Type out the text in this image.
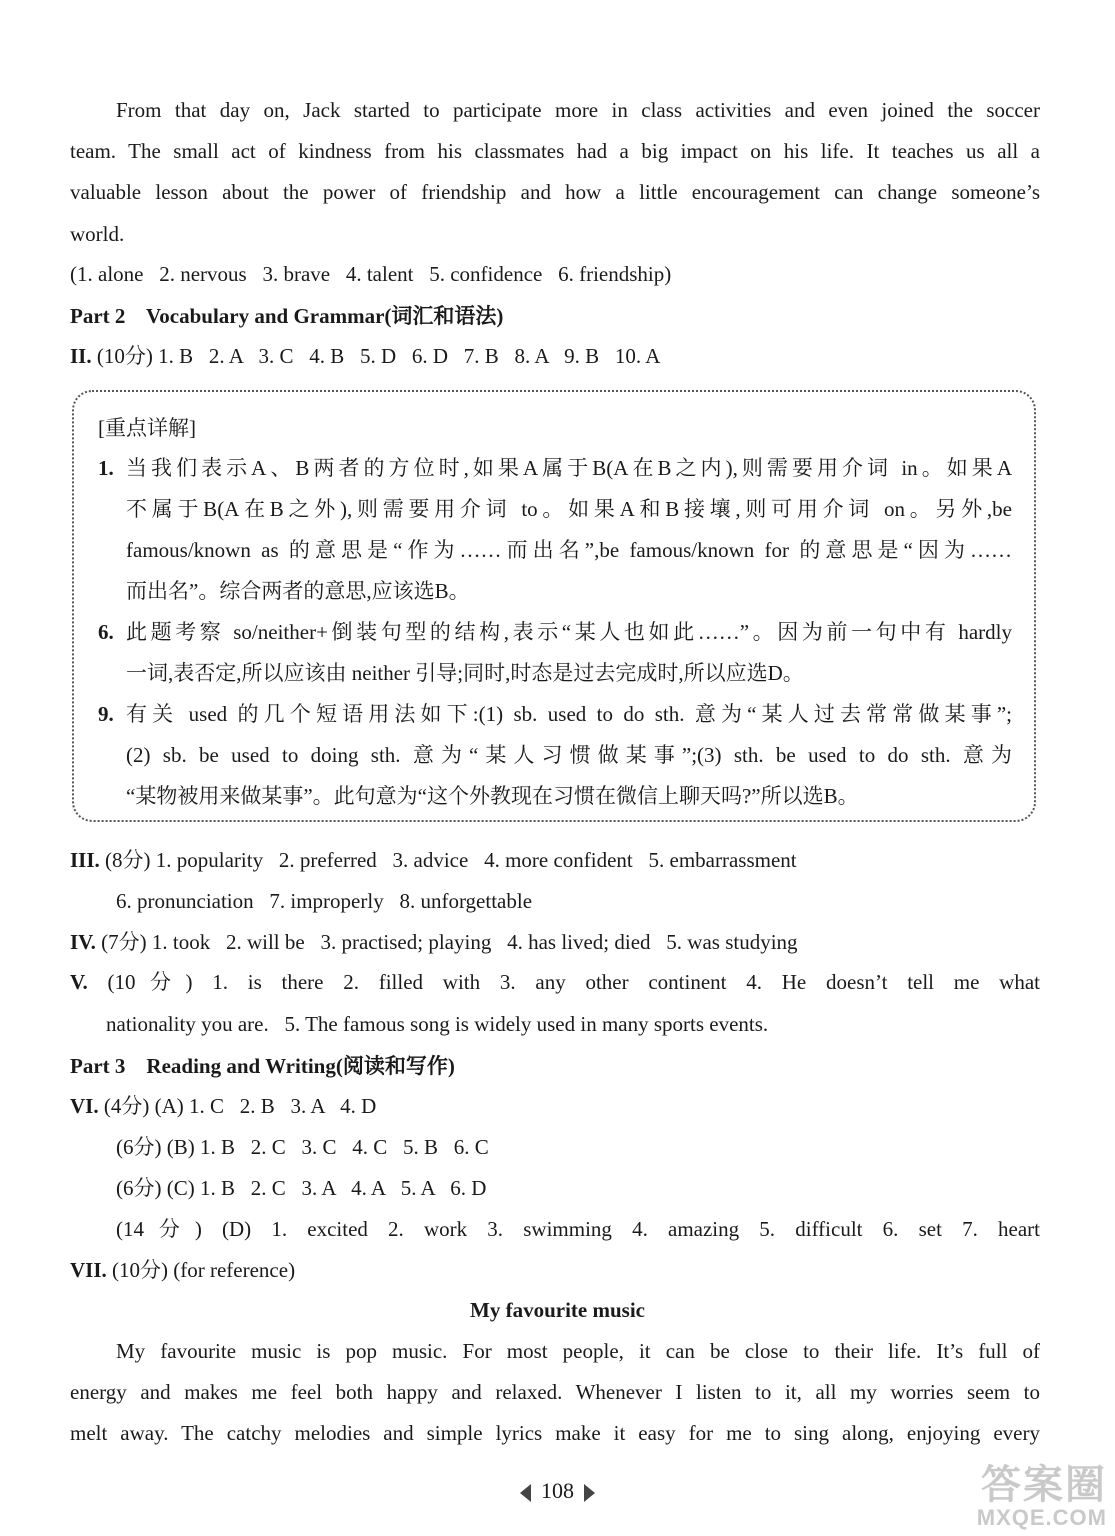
From that day on, Jack started to participate more in class activities and even joined the soccer
team. The small act of kindness from his classmates had a big impact on his life. It teaches us all a
valuable lesson about the power of friendship and how a little encouragement can change someone’s
world.
(1. alone   2. nervous   3. brave   4. talent   5. confidence   6. friendship)
Part 2 Vocabulary and Grammar(词汇和语法)
II. (10分) 1. B   2. A   3. C   4. B   5. D   6. D   7. B   8. A   9. B   10. A
[重点详解]
1. 当我们表示A、B两者的方位时,如果A属于B(A在B之内),则需要用介词 in。如果A
不属于B(A在B之外),则需要用介词 to。如果A和B接壤,则可用介词 on。另外,be
famous/known as 的意思是“作为……而出名”,be famous/known for 的意思是“因为……
而出名”。综合两者的意思,应该选B。
6. 此题考察 so/neither+倒装句型的结构,表示“某人也如此……”。因为前一句中有 hardly
一词,表否定,所以应该由 neither 引导;同时,时态是过去完成时,所以应选D。
9. 有关 used 的几个短语用法如下:(1) sb. used to do sth. 意为“某人过去常常做某事”;
(2) sb. be used to doing sth. 意为“某人习惯做某事”;(3) sth. be used to do sth. 意为
“某物被用来做某事”。此句意为“这个外教现在习惯在微信上聊天吗?”所以选B。
III. (8分) 1. popularity   2. preferred   3. advice   4. more confident   5. embarrassment
6. pronunciation   7. improperly   8. unforgettable
IV. (7分) 1. took   2. will be   3. practised; playing   4. has lived; died   5. was studying
V. (10分) 1. is there 2. filled with 3. any other continent 4. He doesn’t tell me what
nationality you are.   5. The famous song is widely used in many sports events.
Part 3 Reading and Writing(阅读和写作)
VI. (4分) (A) 1. C   2. B   3. A   4. D
(6分) (B) 1. B   2. C   3. C   4. C   5. B   6. C
(6分) (C) 1. B   2. C   3. A   4. A   5. A   6. D
(14分) (D) 1. excited 2. work 3. swimming 4. amazing 5. difficult 6. set 7. heart
VII. (10分) (for reference)
My favourite music
My favourite music is pop music. For most people, it can be close to their life. It’s full of
energy and makes me feel both happy and relaxed. Whenever I listen to it, all my worries seem to
melt away. The catchy melodies and simple lyrics make it easy for me to sing along, enjoying every
108	答案圈
MXQE.COM
